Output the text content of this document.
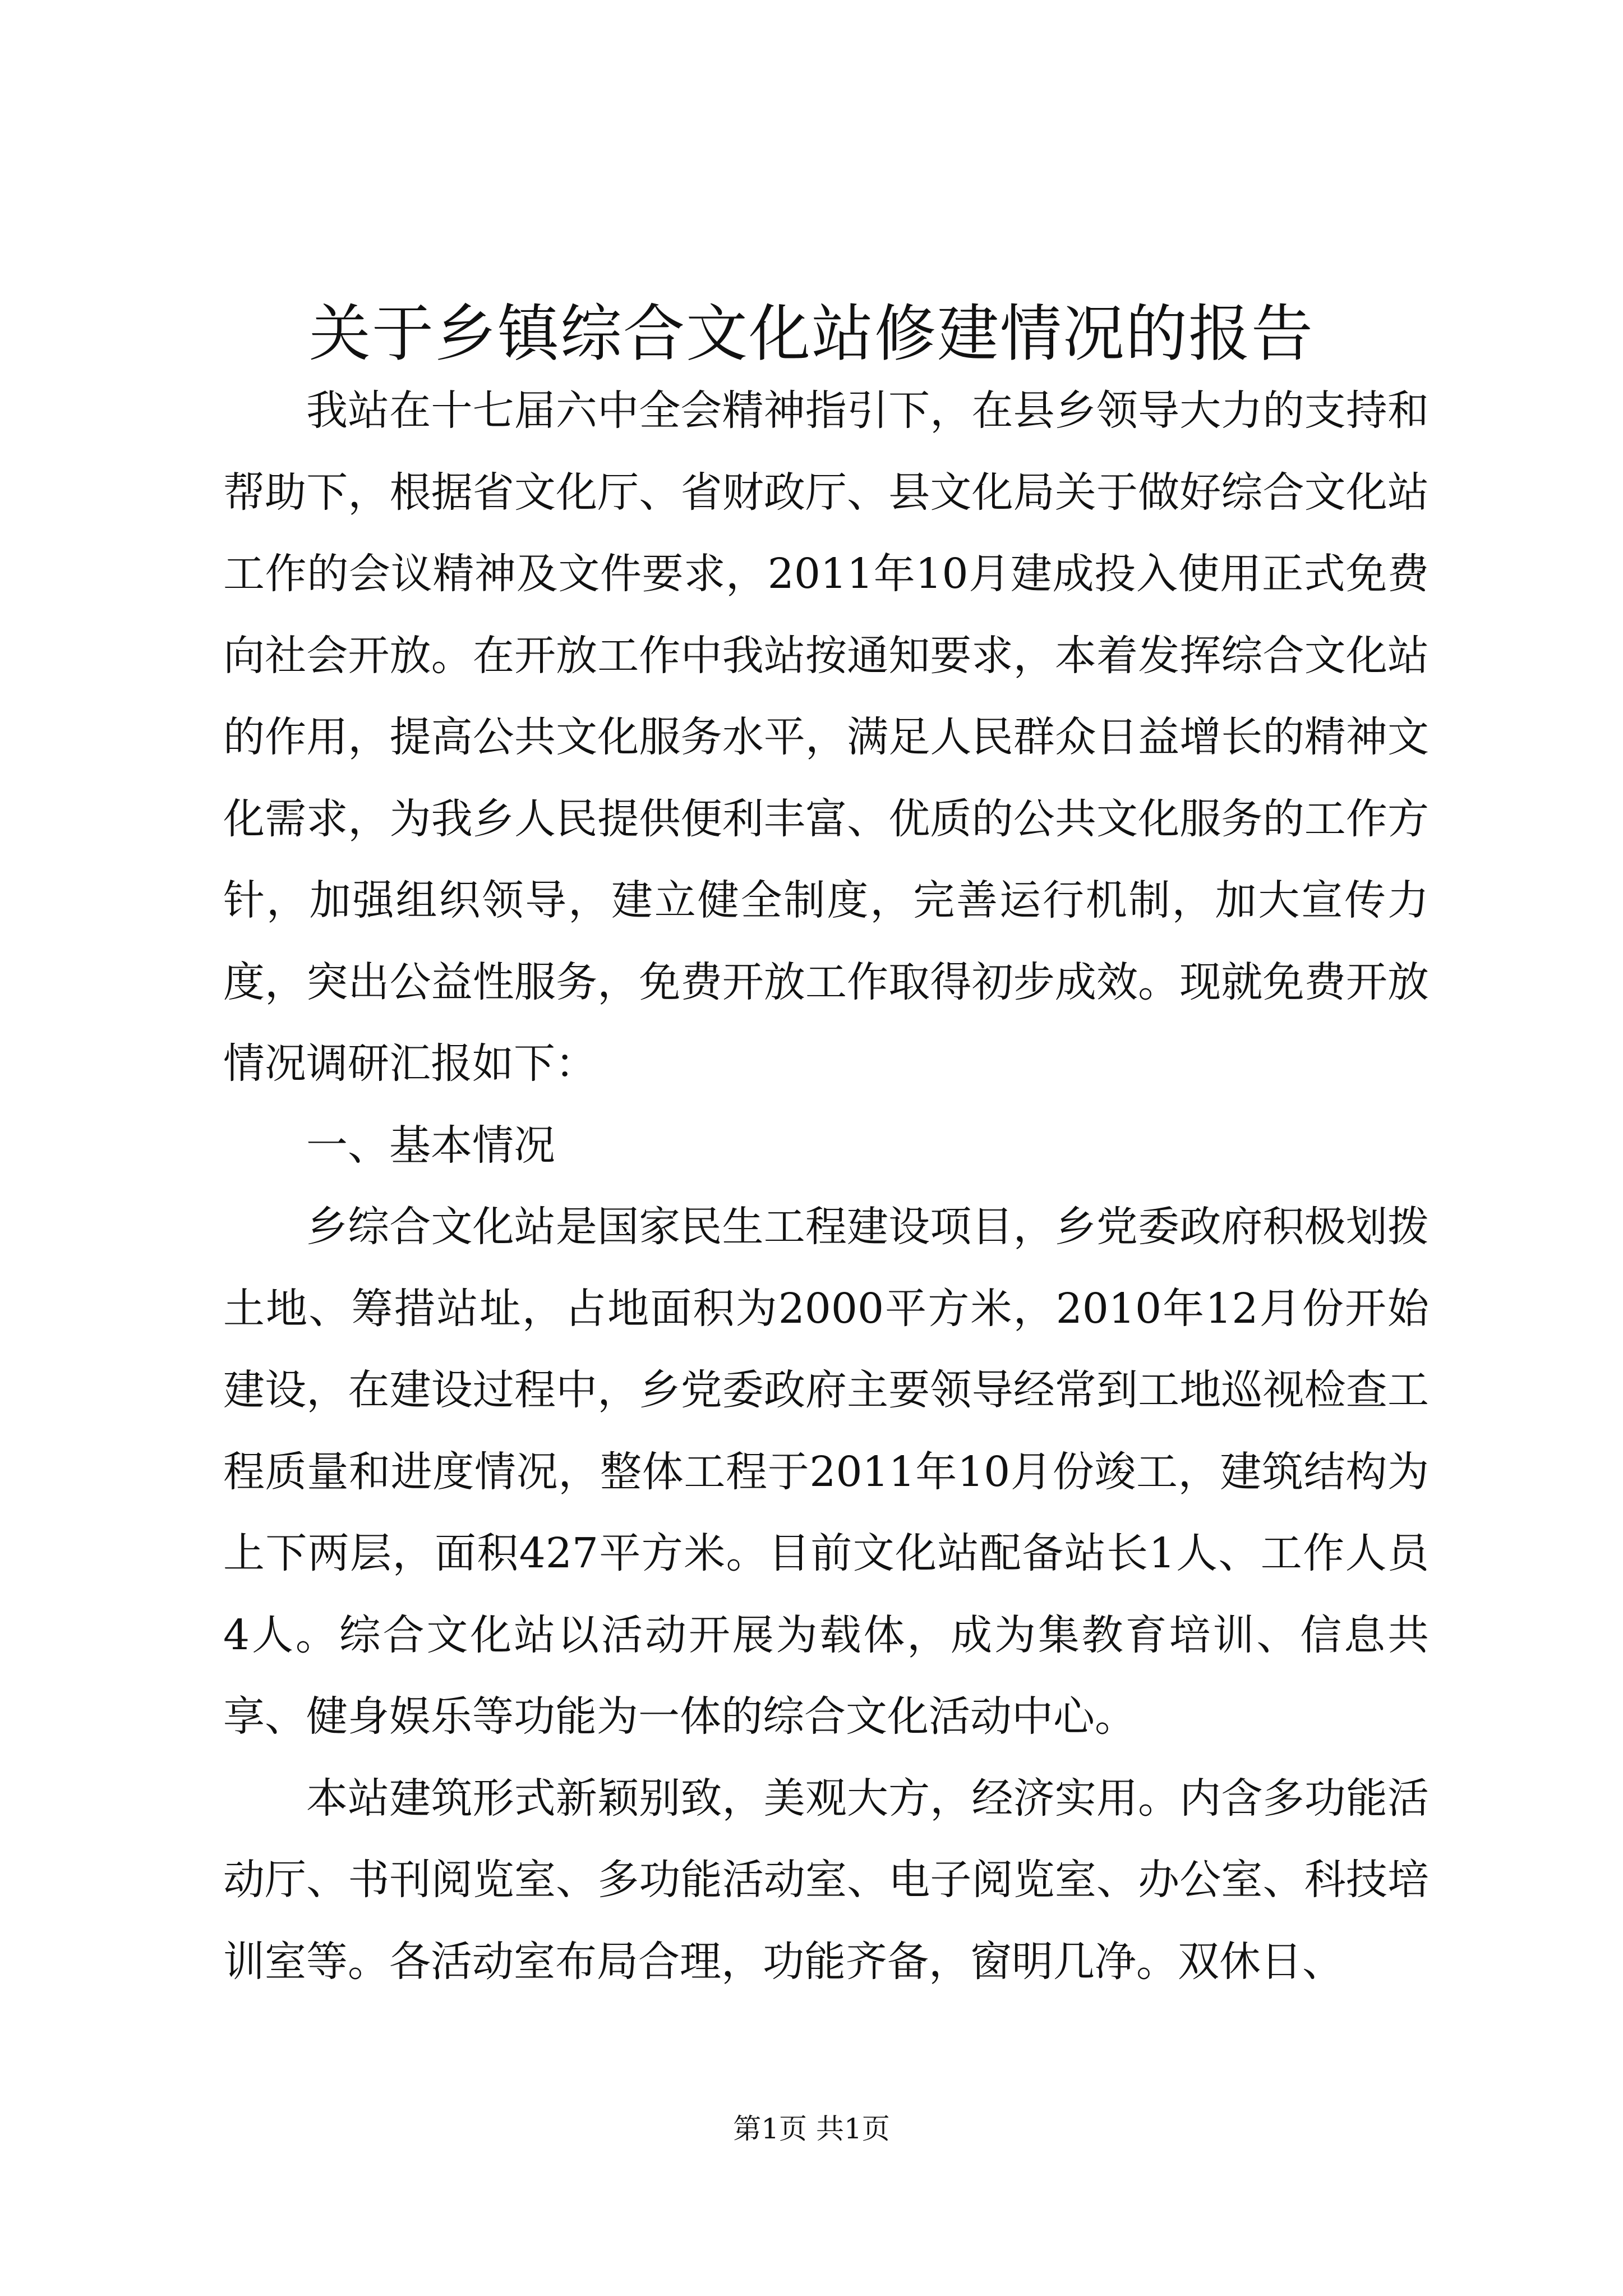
关于乡镇综合文化站修建情况的报告

我站在十七届六中全会精神指引下，在县乡领导大力的支持和帮助下，根据省文化厅、省财政厅、县文化局关于做好综合文化站工作的会议精神及文件要求，2011年10月建成投入使用正式免费向社会开放。在开放工作中我站按通知要求，本着发挥综合文化站的作用，提高公共文化服务水平，满足人民群众日益增长的精神文化需求，为我乡人民提供便利丰富、优质的公共文化服务的工作方针，加强组织领导，建立健全制度，完善运行机制，加大宣传力度，突出公益性服务，免费开放工作取得初步成效。现就免费开放情况调研汇报如下：

一、基本情况

乡综合文化站是国家民生工程建设项目，乡党委政府积极划拨土地、筹措站址，占地面积为2000平方米，2010年12月份开始建设，在建设过程中，乡党委政府主要领导经常到工地巡视检查工程质量和进度情况，整体工程于2011年10月份竣工，建筑结构为上下两层，面积427平方米。目前文化站配备站长1人、工作人员4人。综合文化站以活动开展为载体，成为集教育培训、信息共享、健身娱乐等功能为一体的综合文化活动中心。

本站建筑形式新颖别致，美观大方，经济实用。内含多功能活动厅、书刊阅览室、多功能活动室、电子阅览室、办公室、科技培训室等。各活动室布局合理，功能齐备，窗明几净。双休日、

第1页 共1页
